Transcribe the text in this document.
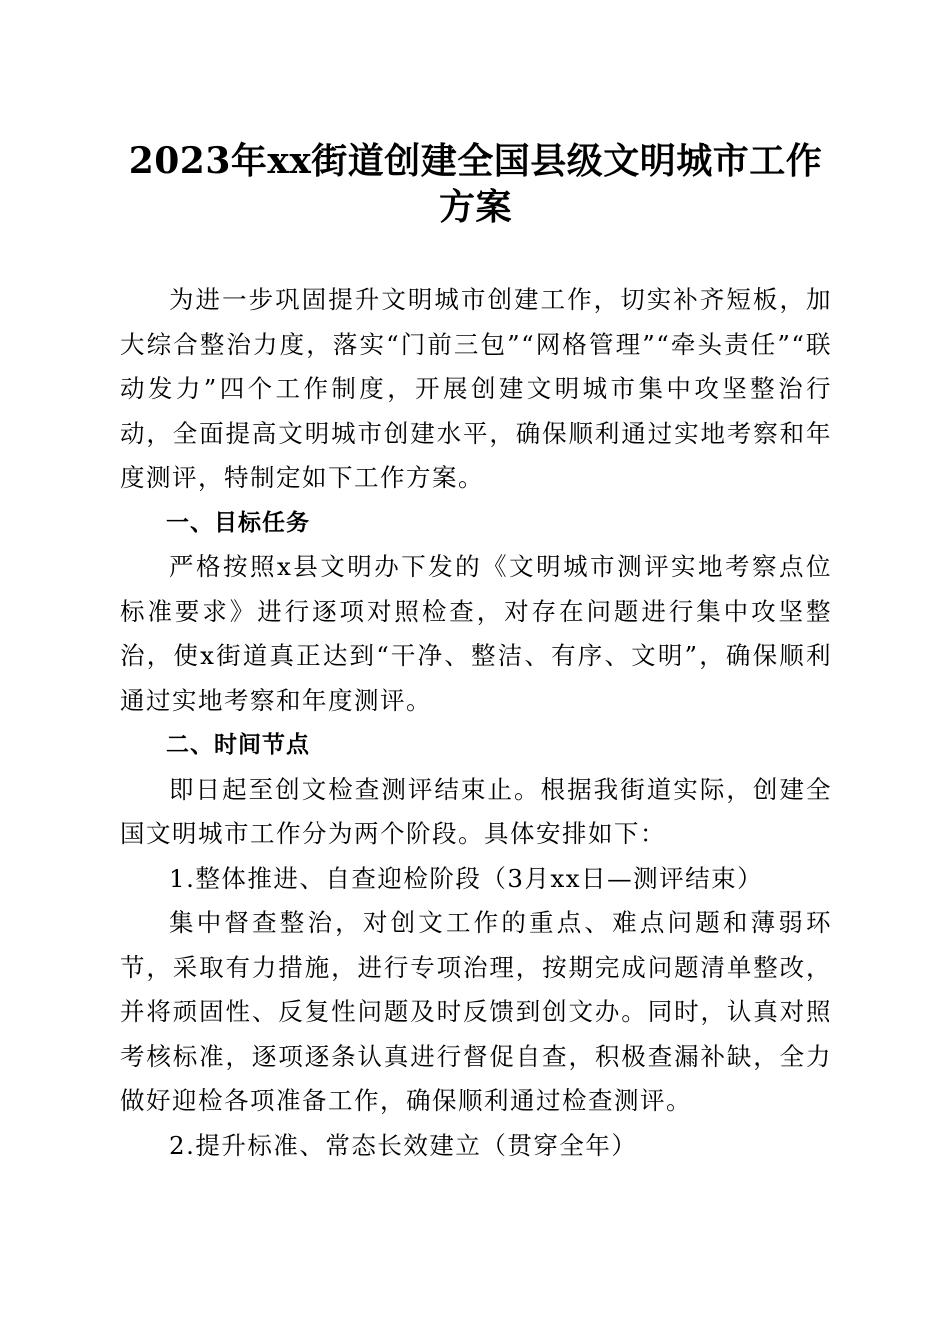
2023年xx街道创建全国县级文明城市工作方案

为进一步巩固提升文明城市创建工作，切实补齐短板，加大综合整治力度，落实“门前三包”“网格管理”“牵头责任”“联动发力”四个工作制度，开展创建文明城市集中攻坚整治行动，全面提高文明城市创建水平，确保顺利通过实地考察和年度测评，特制定如下工作方案。

一、目标任务

严格按照x县文明办下发的《文明城市测评实地考察点位标准要求》进行逐项对照检查，对存在问题进行集中攻坚整治，使x街道真正达到“干净、整洁、有序、文明”，确保顺利通过实地考察和年度测评。

二、时间节点

即日起至创文检查测评结束止。根据我街道实际，创建全国文明城市工作分为两个阶段。具体安排如下：

1.整体推进、自查迎检阶段（3月xx日—测评结束）

集中督查整治，对创文工作的重点、难点问题和薄弱环节，采取有力措施，进行专项治理，按期完成问题清单整改，并将顽固性、反复性问题及时反馈到创文办。同时，认真对照考核标准，逐项逐条认真进行督促自查，积极查漏补缺，全力做好迎检各项准备工作，确保顺利通过检查测评。

2.提升标准、常态长效建立（贯穿全年）
